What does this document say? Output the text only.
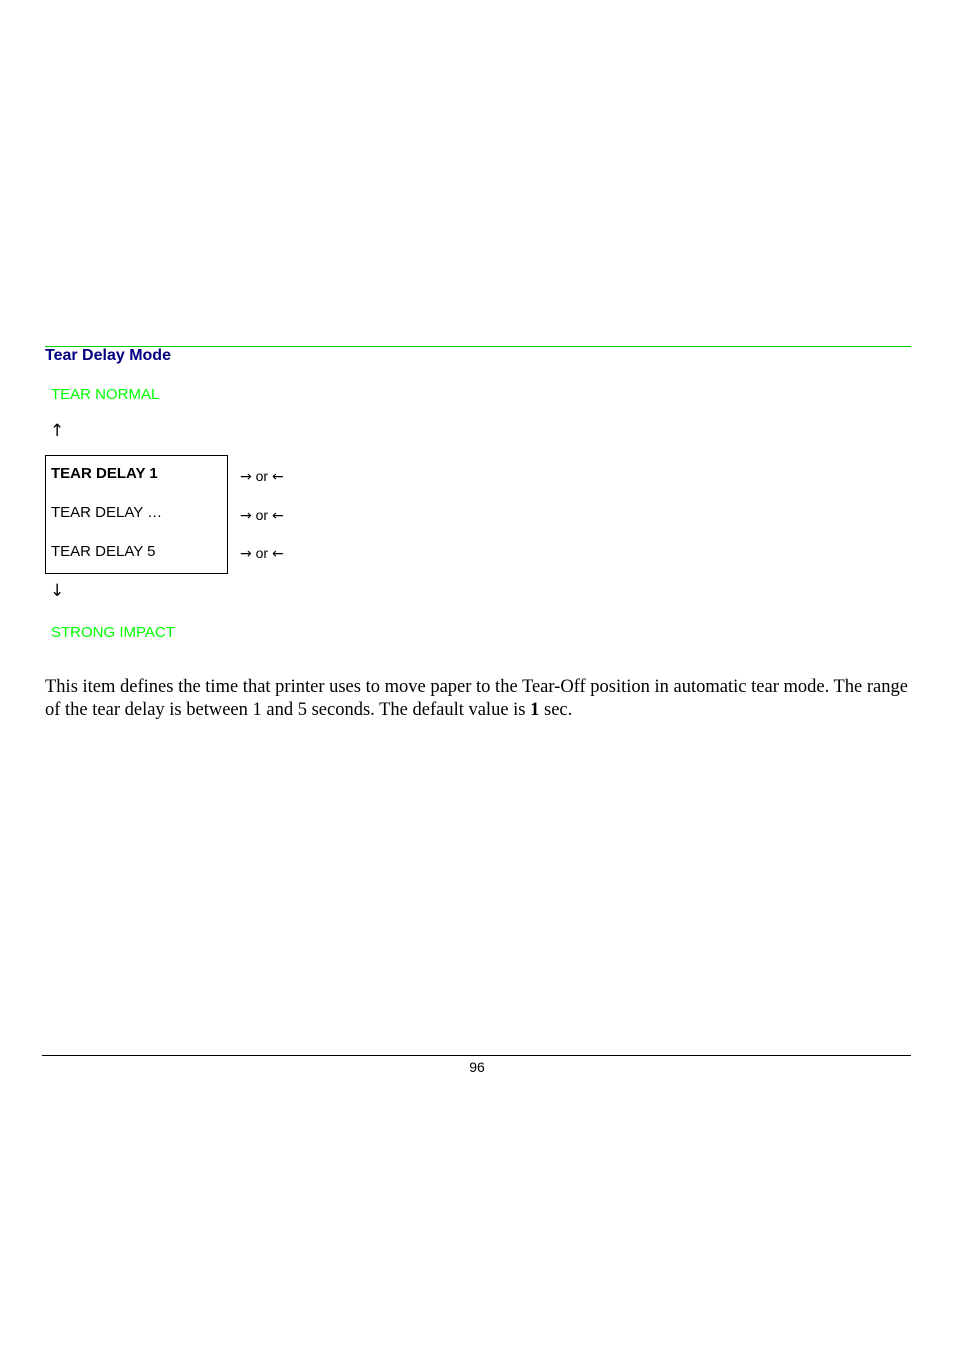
Tear Delay Mode
TEAR NORMAL
↑
TEAR DELAY 1
TEAR DELAY …
TEAR DELAY 5
→ or ←
→ or ←
→ or ←
↓
STRONG IMPACT
This item defines the time that printer uses to move paper to the Tear-Off position in automatic tear mode. The range of the tear delay is between 1 and 5 seconds. The default value is 1 sec.
96
